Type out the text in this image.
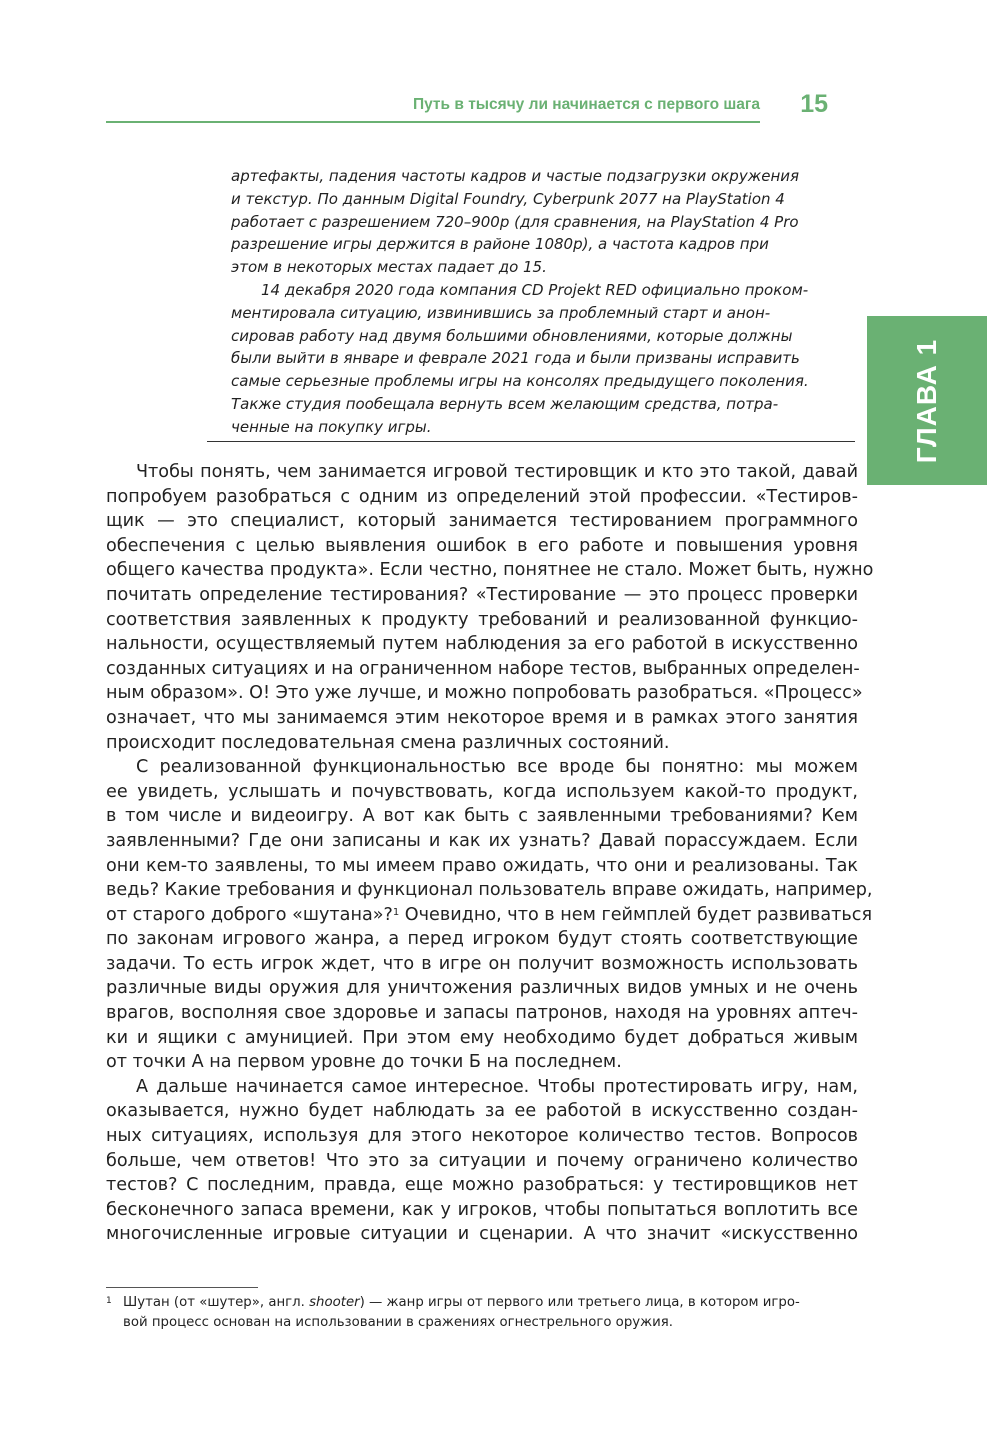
Путь в тысячу ли начинается с первого шага 15
ГЛАВА 1
артефакты, падения частоты кадров и частые подзагрузки окружения
и текстур. По данным Digital Foundry, Cyberpunk 2077 на PlayStation 4
работает с разрешением 720–900p (для сравнения, на PlayStation 4 Pro
разрешение игры держится в районе 1080p), а частота кадров при
этом в некоторых местах падает до 15.
14 декабря 2020 года компания CD Projekt RED официально проком-
ментировала ситуацию, извинившись за проблемный старт и анон-
сировав работу над двумя большими обновлениями, которые должны
были выйти в январе и феврале 2021 года и были призваны исправить
самые серьезные проблемы игры на консолях предыдущего поколения.
Также студия пообещала вернуть всем желающим средства, потра-
ченные на покупку игры.
Чтобы понять, чем занимается игровой тестировщик и кто это такой, давай
попробуем разобраться с одним из определений этой профессии. «Тестиров-
щик — это специалист, который занимается тестированием программного
обеспечения с целью выявления ошибок в его работе и повышения уровня
общего качества продукта». Если честно, понятнее не стало. Может быть, нужно
почитать определение тестирования? «Тестирование — это процесс проверки
соответствия заявленных к продукту требований и реализованной функцио-
нальности, осуществляемый путем наблюдения за его работой в искусственно
созданных ситуациях и на ограниченном наборе тестов, выбранных определен-
ным образом». О! Это уже лучше, и можно попробовать разобраться. «Процесс»
означает, что мы занимаемся этим некоторое время и в рамках этого занятия
происходит последовательная смена различных состояний.
С реализованной функциональностью все вроде бы понятно: мы можем
ее увидеть, услышать и почувствовать, когда используем какой-то продукт,
в том числе и видеоигру. А вот как быть с заявленными требованиями? Кем
заявленными? Где они записаны и как их узнать? Давай порассуждаем. Если
они кем-то заявлены, то мы имеем право ожидать, что они и реализованы. Так
ведь? Какие требования и функционал пользователь вправе ожидать, например,
от старого доброго «шутана»?$^1$ Очевидно, что в нем геймплей будет развиваться
по законам игрового жанра, а перед игроком будут стоять соответствующие
задачи. То есть игрок ждет, что в игре он получит возможность использовать
различные виды оружия для уничтожения различных видов умных и не очень
врагов, восполняя свое здоровье и запасы патронов, находя на уровнях аптеч-
ки и ящики с амуницией. При этом ему необходимо будет добраться живым
от точки А на первом уровне до точки Б на последнем.
А дальше начинается самое интересное. Чтобы протестировать игру, нам,
оказывается, нужно будет наблюдать за ее работой в искусственно создан-
ных ситуациях, используя для этого некоторое количество тестов. Вопросов
больше, чем ответов! Что это за ситуации и почему ограничено количество
тестов? С последним, правда, еще можно разобраться: у тестировщиков нет
бесконечного запаса времени, как у игроков, чтобы попытаться воплотить все
многочисленные игровые ситуации и сценарии. А что значит «искусственно
1 Шутан (от «шутер», англ. shooter) — жанр игры от первого или третьего лица, в котором игро-
вой процесс основан на использовании в сражениях огнестрельного оружия.
